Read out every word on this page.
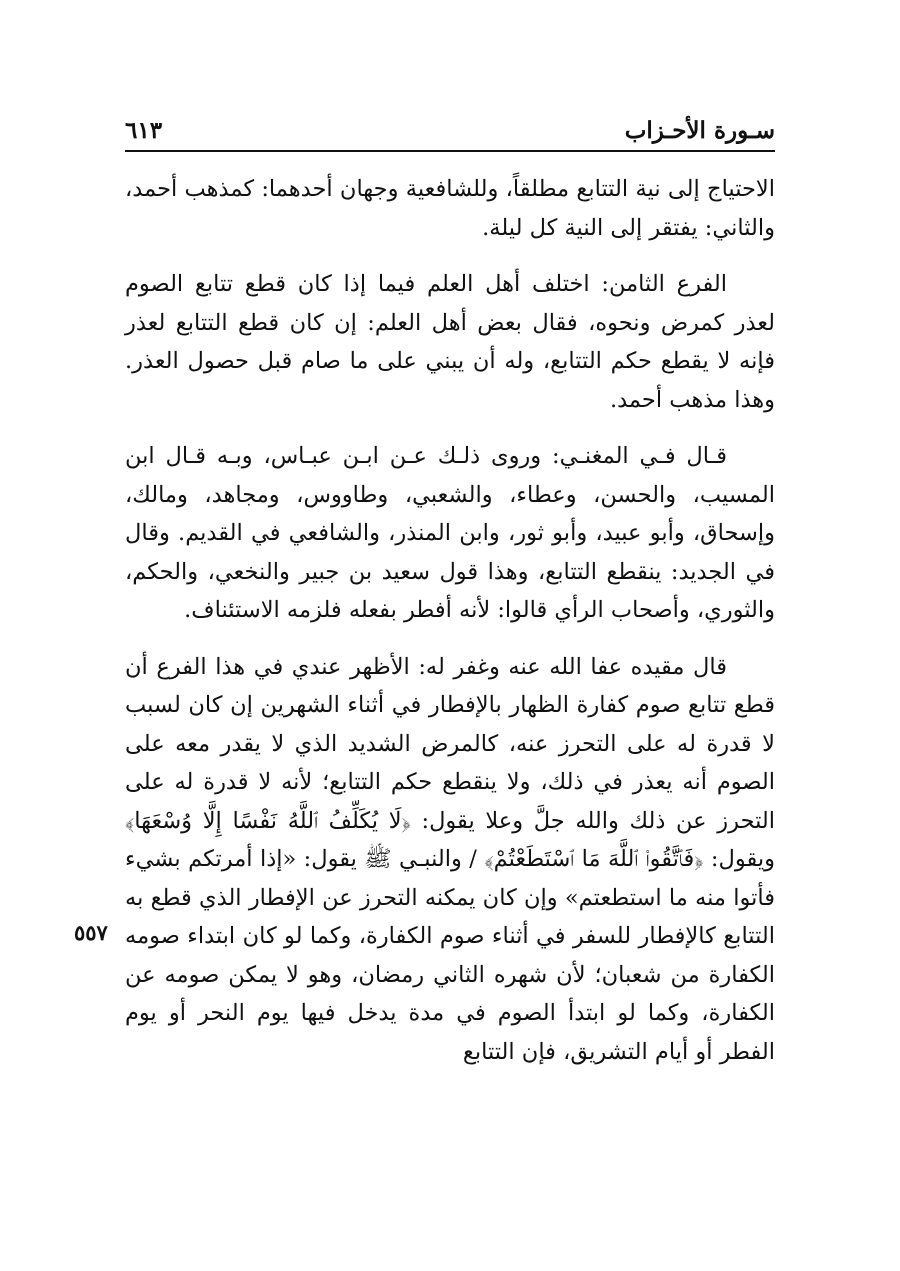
سـورة الأحـزاب
٦١٣

الاحتياج إلى نية التتابع مطلقاً، وللشافعية وجهان أحدهما: كمذهب أحمد، والثاني: يفتقر إلى النية كل ليلة.

الفرع الثامن: اختلف أهل العلم فيما إذا كان قطع تتابع الصوم لعذر كمرض ونحوه، فقال بعض أهل العلم: إن كان قطع التتابع لعذر فإنه لا يقطع حكم التتابع، وله أن يبني على ما صام قبل حصول العذر. وهذا مذهب أحمد.

قـال فـي المغنـي: وروى ذلـك عـن ابـن عبـاس، وبـه قـال ابن المسيب، والحسن، وعطاء، والشعبي، وطاووس، ومجاهد، ومالك، وإسحاق، وأبو عبيد، وأبو ثور، وابن المنذر، والشافعي في القديم. وقال في الجديد: ينقطع التتابع، وهذا قول سعيد بن جبير والنخعي، والحكم، والثوري، وأصحاب الرأي قالوا: لأنه أفطر بفعله فلزمه الاستئناف.

قال مقيده عفا الله عنه وغفر له: الأظهر عندي في هذا الفرع أن قطع تتابع صوم كفارة الظهار بالإفطار في أثناء الشهرين إن كان لسبب لا قدرة له على التحرز عنه، كالمرض الشديد الذي لا يقدر معه على الصوم أنه يعذر في ذلك، ولا ينقطع حكم التتابع؛ لأنه لا قدرة له على التحرز عن ذلك والله جلَّ وعلا يقول: ﴿لَا يُكَلِّفُ ٱللَّهُ نَفْسًا إِلَّا وُسْعَهَا﴾ ويقول: ﴿فَٱتَّقُوا۟ ٱللَّهَ مَا ٱسْتَطَعْتُمْ﴾ / والنبـي ﷺ يقول: «إذا أمرتكم بشيء فأتوا منه ما استطعتم» وإن كان يمكنه التحرز عن الإفطار الذي قطع به التتابع كالإفطار للسفر في أثناء صوم الكفارة، وكما لو كان ابتداء صومه الكفارة من شعبان؛ لأن شهره الثاني رمضان، وهو لا يمكن صومه عن الكفارة، وكما لو ابتدأ الصوم في مدة يدخل فيها يوم النحر أو يوم الفطر أو أيام التشريق، فإن التتابع

٥٥٧
